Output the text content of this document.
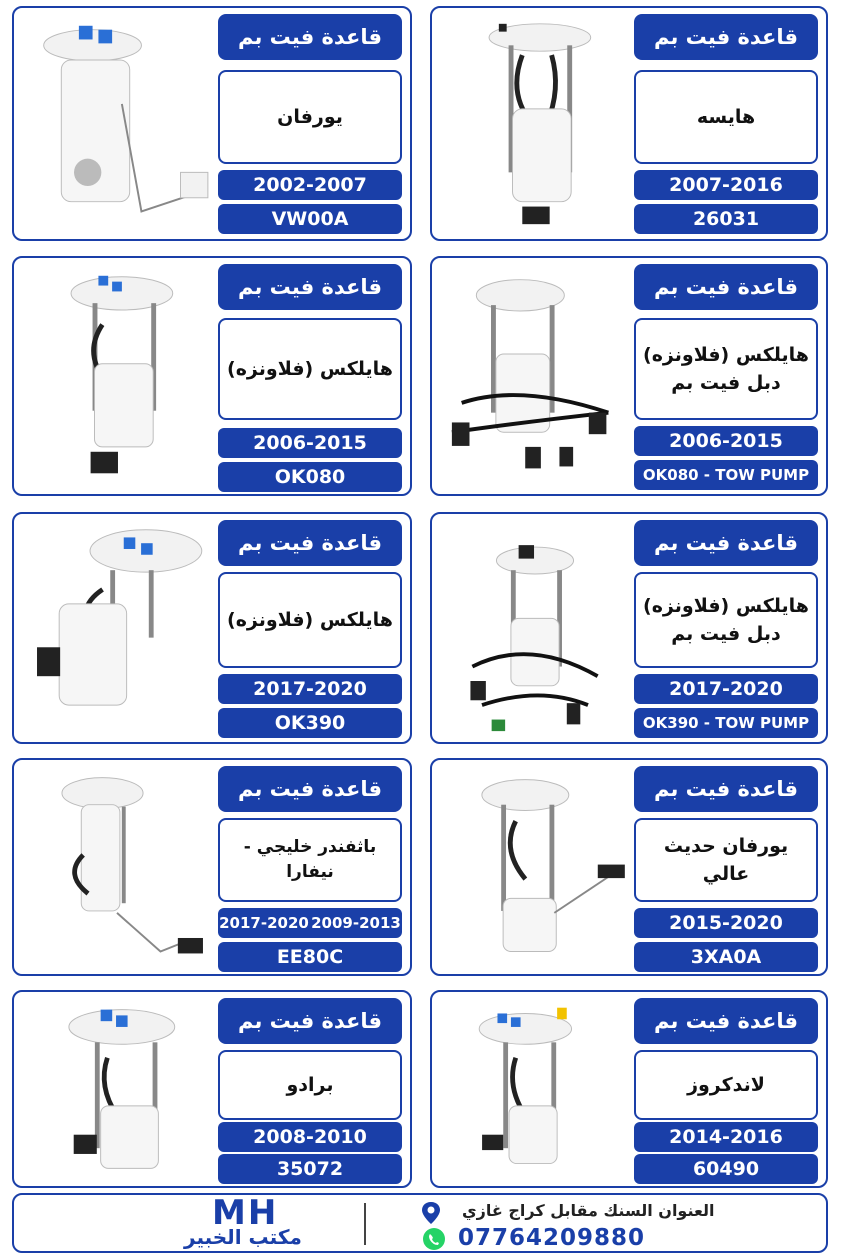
قاعدة فيت بم
هايسه
2007-2016
26031
قاعدة فيت بم
يورفان
2002-2007
VW00A
قاعدة فيت بم
هايلكس (فلاونزه)
دبل فيت بم
2006-2015
OK080 - TOW PUMP
قاعدة فيت بم
هايلكس (فلاونزه)
2006-2015
OK080
قاعدة فيت بم
هايلكس (فلاونزه)
دبل فيت بم
2017-2020
OK390 - TOW PUMP
قاعدة فيت بم
هايلكس (فلاونزه)
2017-2020
OK390
قاعدة فيت بم
يورفان حديث عالي
2015-2020
3XA0A
قاعدة فيت بم
باثفندر خليجي - نيفارا
2017-2020 2009-2013
EE80C
قاعدة فيت بم
لاندكروز
2014-2016
60490
قاعدة فيت بم
برادو
2008-2010
35072
MH
مكتب الخبير
العنوان السنك مقابل كراج غازي
07764209880
